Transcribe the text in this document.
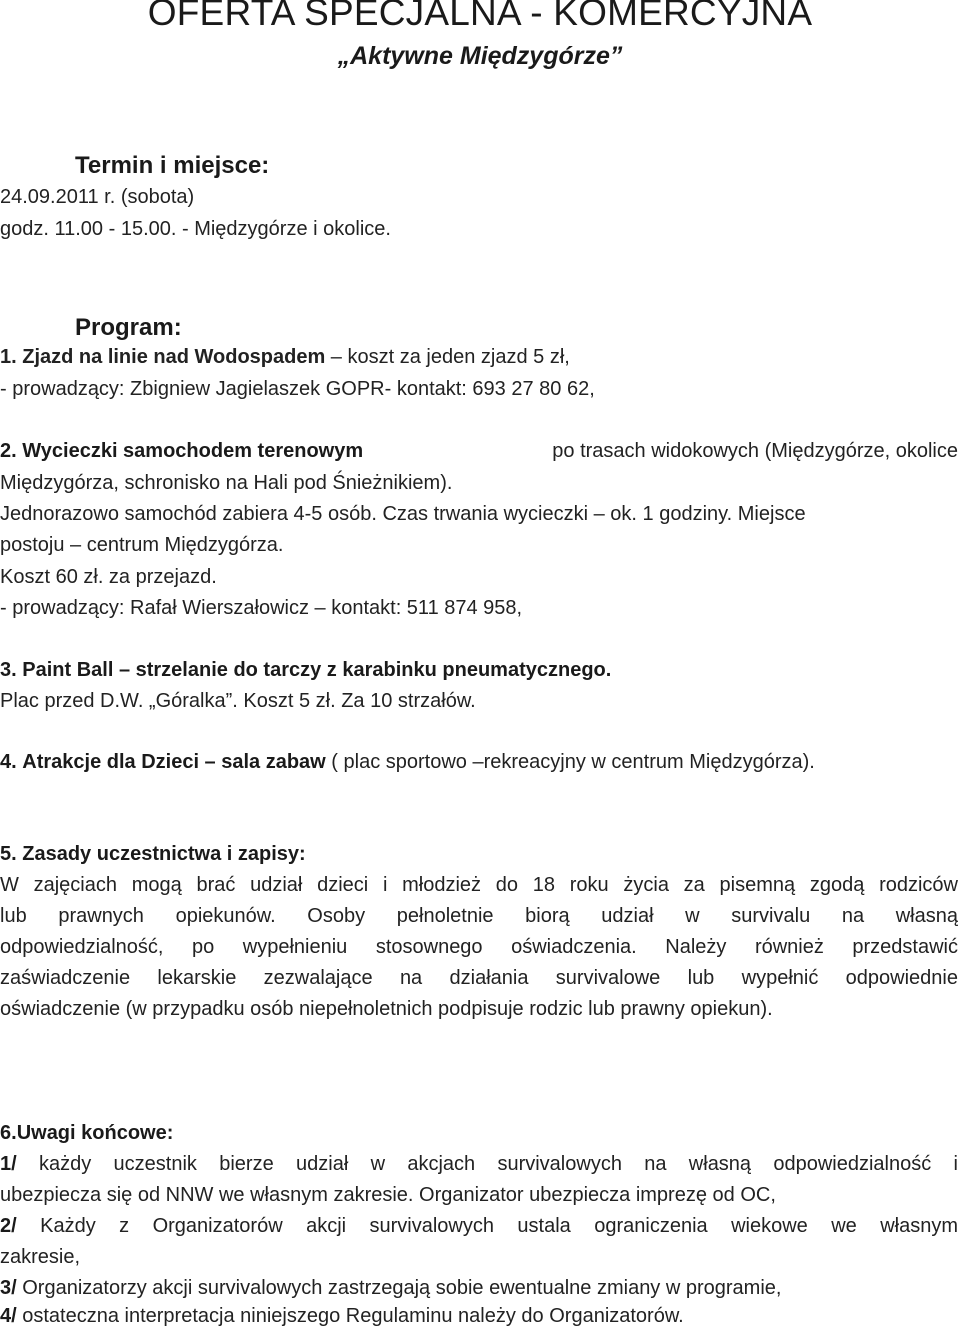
OFERTA SPECJALNA - KOMERCYJNA
„Aktywne Międzygórze”
Termin i miejsce:
24.09.2011 r. (sobota)
godz. 11.00 - 15.00. - Międzygórze i okolice.
Program:
1. Zjazd na linie nad Wodospadem – koszt za jeden zjazd 5 zł,
- prowadzący: Zbigniew Jagielaszek GOPR- kontakt: 693 27 80 62,
2. Wycieczki samochodem terenowym	po trasach widokowych (Międzygórze, okolice
Międzygórza, schronisko na Hali pod Śnieżnikiem).
Jednorazowo samochód zabiera 4-5 osób. Czas trwania wycieczki – ok. 1 godziny. Miejsce
postoju – centrum Międzygórza.
Koszt 60 zł. za przejazd.
- prowadzący: Rafał Wierszałowicz – kontakt: 511 874 958,
3. Paint Ball – strzelanie do tarczy z karabinku pneumatycznego.
Plac przed D.W. „Góralka”. Koszt 5 zł. Za 10 strzałów.
4. Atrakcje dla Dzieci – sala zabaw ( plac sportowo –rekreacyjny w centrum Międzygórza).
5. Zasady uczestnictwa i zapisy:
W zajęciach mogą brać udział dzieci i młodzież do 18 roku życia za pisemną zgodą rodziców
lub prawnych opiekunów. Osoby pełnoletnie biorą udział w survivalu na własną
odpowiedzialność, po wypełnieniu stosownego oświadczenia. Należy również przedstawić
zaświadczenie lekarskie zezwalające na działania survivalowe lub wypełnić odpowiednie
oświadczenie (w przypadku osób niepełnoletnich podpisuje rodzic lub prawny opiekun).
6.Uwagi końcowe:
1/ każdy uczestnik bierze udział w akcjach survivalowych na własną odpowiedzialność i
ubezpiecza się od NNW we własnym zakresie. Organizator ubezpiecza imprezę od OC,
2/ Każdy z Organizatorów akcji survivalowych ustala ograniczenia wiekowe we własnym
zakresie,
3/ Organizatorzy akcji survivalowych zastrzegają sobie ewentualne zmiany w programie,
4/ ostateczna interpretacja niniejszego Regulaminu należy do Organizatorów.
